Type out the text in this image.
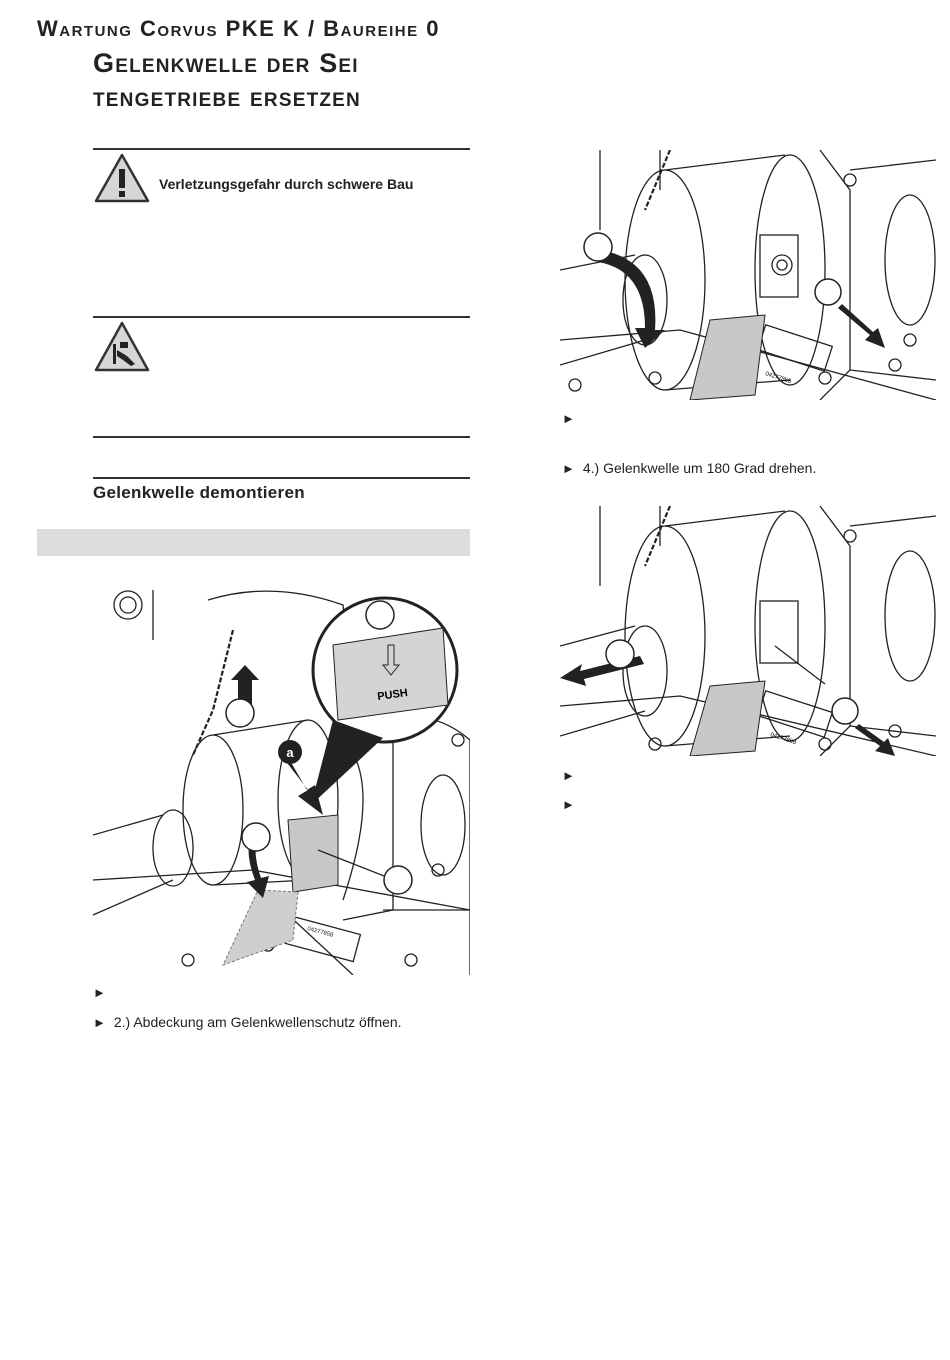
Wartung Corvus PKE K / Baureihe 0
Gelenkwelle der Sei
tengetriebe ersetzen
Verletzungsgefahr durch schwere Bau
Gelenkwelle demontieren
PUSH
04277858
a
►
► 2.) Abdeckung am Gelenkwellenschutz öffnen.
04277858
►
► 4.) Gelenkwelle um 180 Grad drehen.
04277858
►
►
